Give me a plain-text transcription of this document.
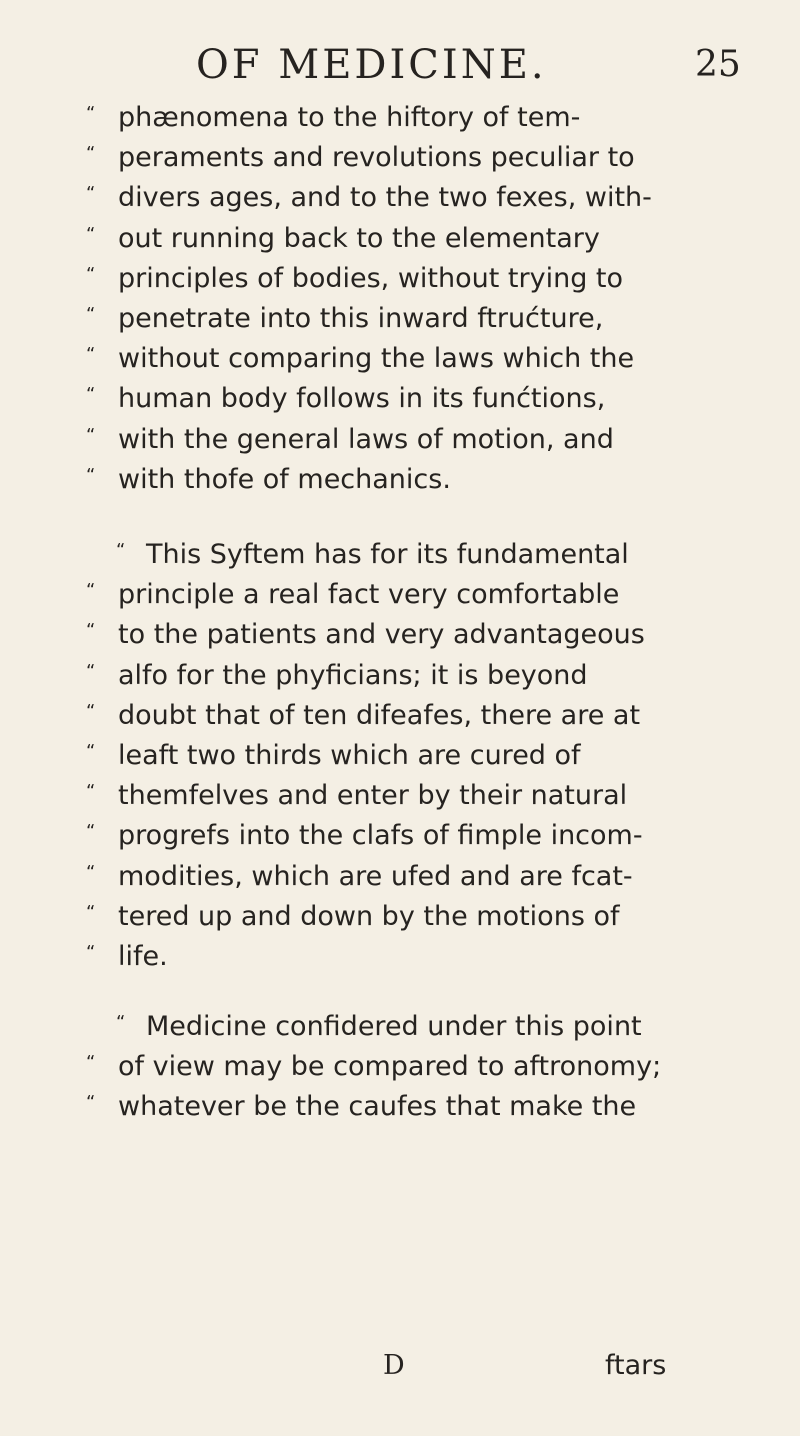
OF MEDICINE.	25
“ phænomena to the hiftory of tem-
“ peraments and revolutions peculiar to
“ divers ages, and to the two fexes, with-
“ out running back to the elementary
“ principles of bodies, without trying to
“ penetrate into this inward ftrućture,
“ without comparing the laws which the
“ human body follows in its funćtions,
“ with the general laws of motion, and
“ with thofe of mechanics.
“ This Syftem has for its fundamental
“ principle a real fact very comfortable
“ to the patients and very advantageous
“ alfo for the phyficians; it is beyond
“ doubt that of ten difeafes, there are at
“ leaft two thirds which are cured of
“ themfelves and enter by their natural
“ progrefs into the clafs of fimple incom-
“ modities, which are ufed and are fcat-
“ tered up and down by the motions of
“ life.
“ Medicine confidered under this point
“ of view may be compared to aftronomy;
“ whatever be the caufes that make the
D	ftars
